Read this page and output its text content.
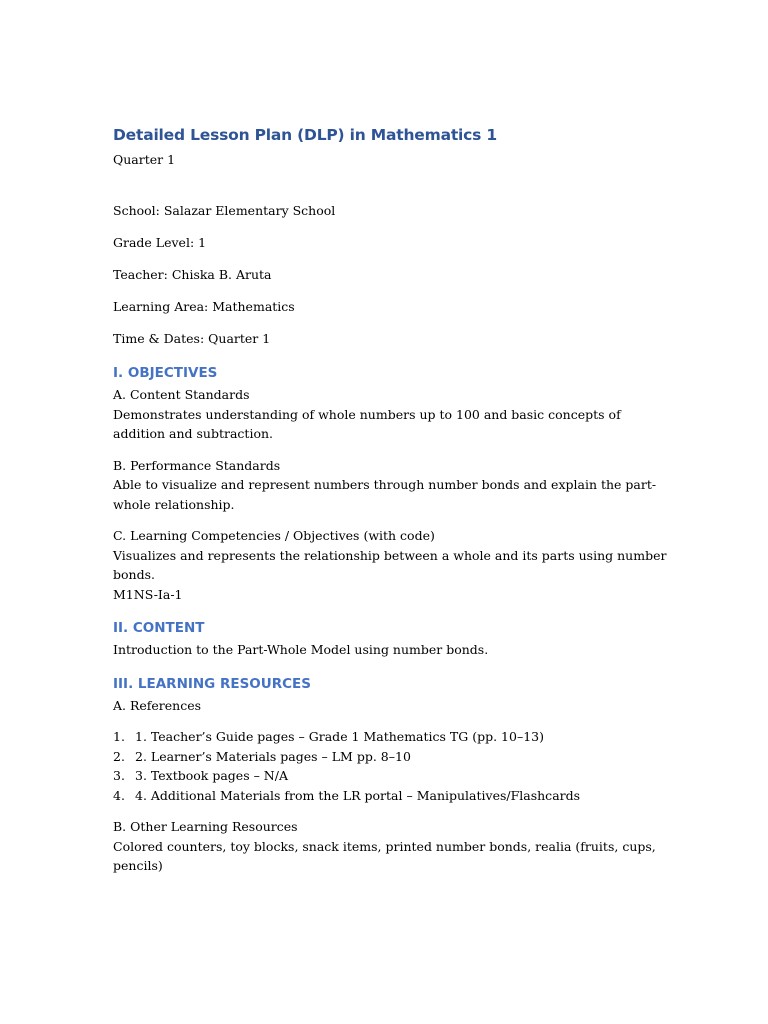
Detailed Lesson Plan (DLP) in Mathematics 1

Quarter 1

School: Salazar Elementary School

Grade Level: 1

Teacher: Chiska B. Aruta

Learning Area: Mathematics

Time & Dates: Quarter 1

I. OBJECTIVES

A. Content Standards

Demonstrates understanding of whole numbers up to 100 and basic concepts of addition and subtraction.

B. Performance Standards

Able to visualize and represent numbers through number bonds and explain the part-whole relationship.

C. Learning Competencies / Objectives (with code)

Visualizes and represents the relationship between a whole and its parts using number bonds.

M1NS-Ia-1

II. CONTENT

Introduction to the Part-Whole Model using number bonds.

III. LEARNING RESOURCES

A. References

1. 1. Teacher’s Guide pages – Grade 1 Mathematics TG (pp. 10–13)
2. 2. Learner’s Materials pages – LM pp. 8–10
3. 3. Textbook pages – N/A
4. 4. Additional Materials from the LR portal – Manipulatives/Flashcards

B. Other Learning Resources

Colored counters, toy blocks, snack items, printed number bonds, realia (fruits, cups, pencils)
